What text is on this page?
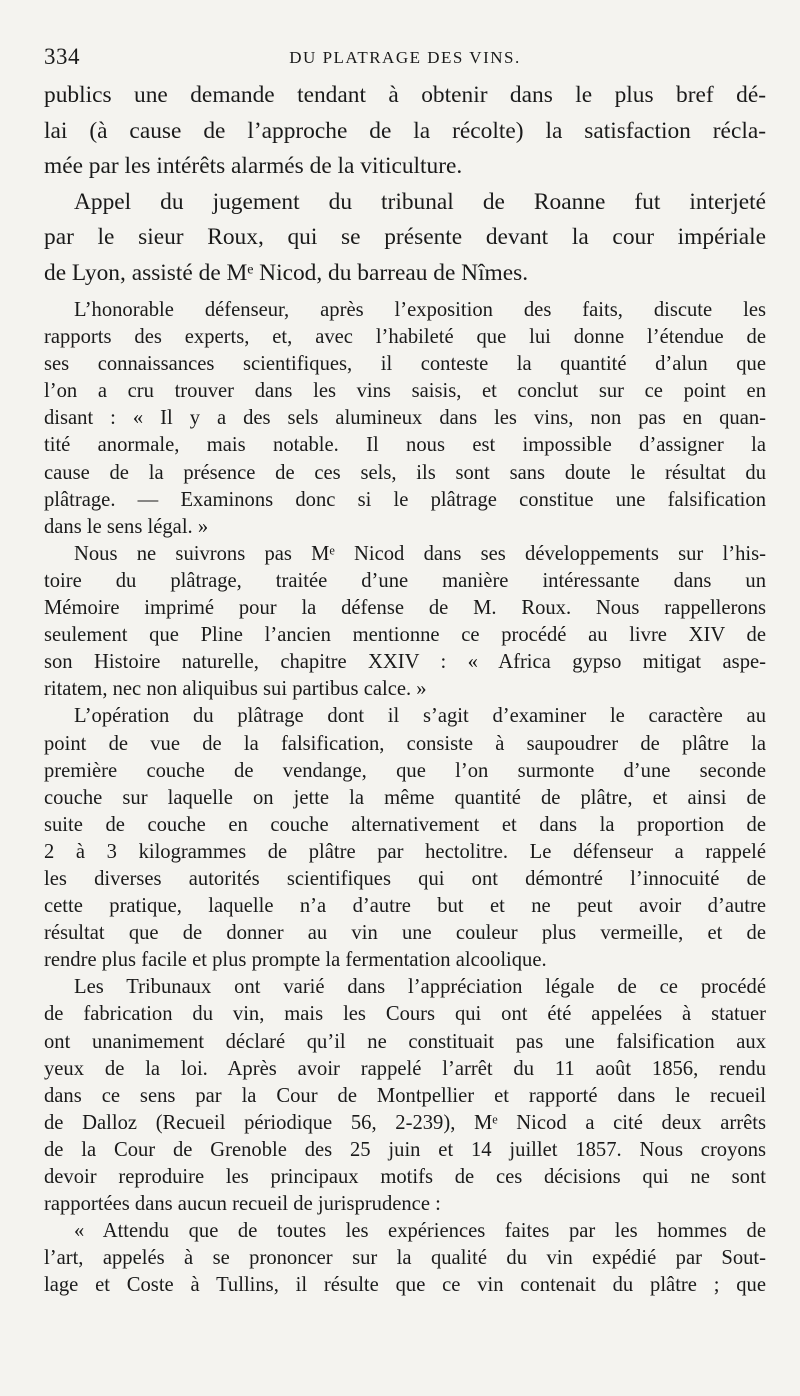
334	DU PLATRAGE DES VINS.
publics une demande tendant à obtenir dans le plus bref dé-
lai (à cause de l’approche de la récolte) la satisfaction récla-
mée par les intérêts alarmés de la viticulture.
Appel du jugement du tribunal de Roanne fut interjeté
par le sieur Roux, qui se présente devant la cour impériale
de Lyon, assisté de Mᵉ Nicod, du barreau de Nîmes.
L’honorable défenseur, après l’exposition des faits, discute les
rapports des experts, et, avec l’habileté que lui donne l’étendue de
ses connaissances scientifiques, il conteste la quantité d’alun que
l’on a cru trouver dans les vins saisis, et conclut sur ce point en
disant : « Il y a des sels alumineux dans les vins, non pas en quan-
tité anormale, mais notable. Il nous est impossible d’assigner la
cause de la présence de ces sels, ils sont sans doute le résultat du
plâtrage. — Examinons donc si le plâtrage constitue une falsification
dans le sens légal. »
Nous ne suivrons pas Mᵉ Nicod dans ses développements sur l’his-
toire du plâtrage, traitée d’une manière intéressante dans un
Mémoire imprimé pour la défense de M. Roux. Nous rappellerons
seulement que Pline l’ancien mentionne ce procédé au livre XIV de
son Histoire naturelle, chapitre XXIV : « Africa gypso mitigat aspe-
ritatem, nec non aliquibus sui partibus calce. »
L’opération du plâtrage dont il s’agit d’examiner le caractère au
point de vue de la falsification, consiste à saupoudrer de plâtre la
première couche de vendange, que l’on surmonte d’une seconde
couche sur laquelle on jette la même quantité de plâtre, et ainsi de
suite de couche en couche alternativement et dans la proportion de
2 à 3 kilogrammes de plâtre par hectolitre. Le défenseur a rappelé
les diverses autorités scientifiques qui ont démontré l’innocuité de
cette pratique, laquelle n’a d’autre but et ne peut avoir d’autre
résultat que de donner au vin une couleur plus vermeille, et de
rendre plus facile et plus prompte la fermentation alcoolique.
Les Tribunaux ont varié dans l’appréciation légale de ce procédé
de fabrication du vin, mais les Cours qui ont été appelées à statuer
ont unanimement déclaré qu’il ne constituait pas une falsification aux
yeux de la loi. Après avoir rappelé l’arrêt du 11 août 1856, rendu
dans ce sens par la Cour de Montpellier et rapporté dans le recueil
de Dalloz (Recueil périodique 56, 2-239), Mᵉ Nicod a cité deux arrêts
de la Cour de Grenoble des 25 juin et 14 juillet 1857. Nous croyons
devoir reproduire les principaux motifs de ces décisions qui ne sont
rapportées dans aucun recueil de jurisprudence :
« Attendu que de toutes les expériences faites par les hommes de
l’art, appelés à se prononcer sur la qualité du vin expédié par Sout-
lage et Coste à Tullins, il résulte que ce vin contenait du plâtre ; que
